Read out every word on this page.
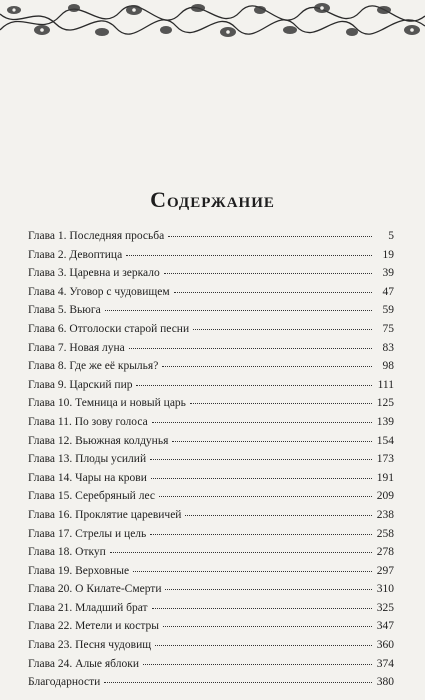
Содержание
Глава 1. Последняя просьба	5
Глава 2. Девоптица	19
Глава 3. Царевна и зеркало	39
Глава 4. Уговор с чудовищем	47
Глава 5. Вьюга	59
Глава 6. Отголоски старой песни	75
Глава 7. Новая луна	83
Глава 8. Где же её крылья?	98
Глава 9. Царский пир	111
Глава 10. Темница и новый царь	125
Глава 11. По зову голоса	139
Глава 12. Вьюжная колдунья	154
Глава 13. Плоды усилий	173
Глава 14. Чары на крови	191
Глава 15. Серебряный лес	209
Глава 16. Проклятие царевичей	238
Глава 17. Стрелы и цель	258
Глава 18. Откуп	278
Глава 19. Верховные	297
Глава 20. О Килате-Смерти	310
Глава 21. Младший брат	325
Глава 22. Метели и костры	347
Глава 23. Песня чудовищ	360
Глава 24. Алые яблоки	374
Благодарности	380
